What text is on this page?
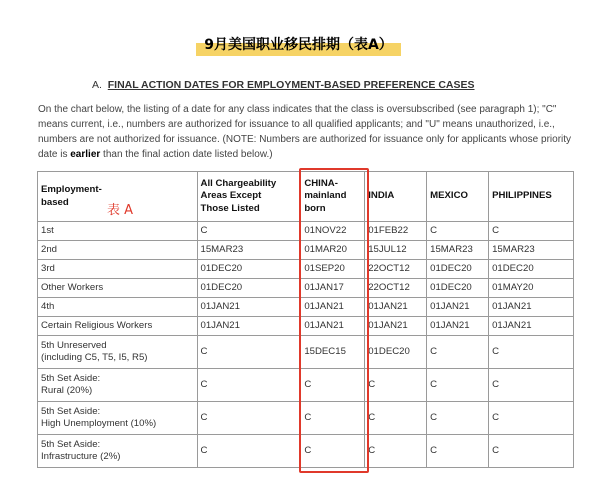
9月美国职业移民排期（表A）
A. FINAL ACTION DATES FOR EMPLOYMENT-BASED PREFERENCE CASES

On the chart below, the listing of a date for any class indicates that the class is oversubscribed (see paragraph 1); "C" means current, i.e., numbers are authorized for issuance to all qualified applicants; and "U" means unauthorized, i.e., numbers are not authorized for issuance. (NOTE: Numbers are authorized for issuance only for applicants whose priority date is earlier than the final action date listed below.)

Employment-
based	All Chargeability
Areas Except
Those Listed	CHINA-
mainland
born	INDIA	MEXICO	PHILIPPINES
1st	C	01NOV22	01FEB22	C	C
2nd	15MAR23	01MAR20	15JUL12	15MAR23	15MAR23
3rd	01DEC20	01SEP20	22OCT12	01DEC20	01DEC20
Other Workers	01DEC20	01JAN17	22OCT12	01DEC20	01MAY20
4th	01JAN21	01JAN21	01JAN21	01JAN21	01JAN21
Certain Religious Workers	01JAN21	01JAN21	01JAN21	01JAN21	01JAN21
5th Unreserved
(including C5, T5, I5, R5)	C	15DEC15	01DEC20	C	C
5th Set Aside:
Rural (20%)	C	C	C	C	C
5th Set Aside:
High Unemployment (10%)	C	C	C	C	C
5th Set Aside:
Infrastructure (2%)	C	C	C	C	C
表 A
